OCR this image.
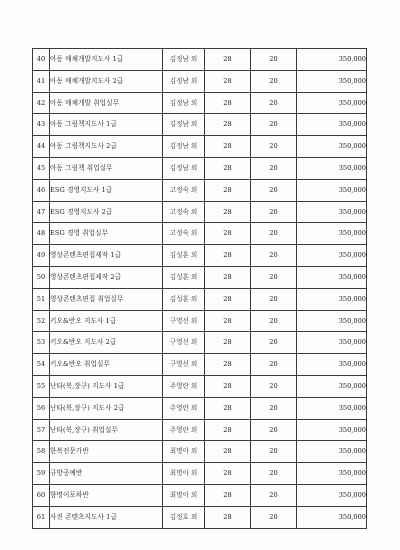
40	아동 매체개발지도사 1급	김정남 외	28	20	350,000
41	아동 매체개발지도사 2급	김정남 외	28	20	350,000
42	아동 매체개발 취업실무	김정남 외	28	20	350,000
43	아동 그림책지도사 1급	김정남 외	28	20	350,000
44	아동 그림책지도사 2급	김정남 외	28	20	350,000
45	아동 그림책 취업실무	김정남 외	28	20	350,000
46	ESG 경영지도사 1급	고정숙 외	28	20	350,000
47	ESG 경영지도사 2급	고정숙 외	28	20	350,000
48	ESG 경영 취업실무	고정숙 외	28	20	350,000
49	영상콘텐츠편집제작 1급	김성훈 외	28	20	350,000
50	영상콘텐츠편집제작 2급	김성훈 외	28	20	350,000
51	영상콘텐츠편집 취업실무	김성훈 외	28	20	350,000
52	키오&반오 지도사 1급	구영선 외	28	20	350,000
53	키오&반오 지도사 2급	구영선 외	28	20	350,000
54	키오&반오 취업실무	구영선 외	28	20	350,000
55	난타(북,장구) 지도사 1급	주영란 외	28	20	350,000
56	난타(북,장구) 지도사 2급	주영란 외	28	20	350,000
57	난타(북,장구) 취업실무	주영란 외	28	20	350,000
58	한복전문가반	최명아 외	28	20	350,000
59	규방공예반	최명아 외	28	20	350,000
60	향명이포하반	최명아 외	28	20	350,000
61	사진 콘텐츠지도사 1급	김정호 외	28	20	350,000
